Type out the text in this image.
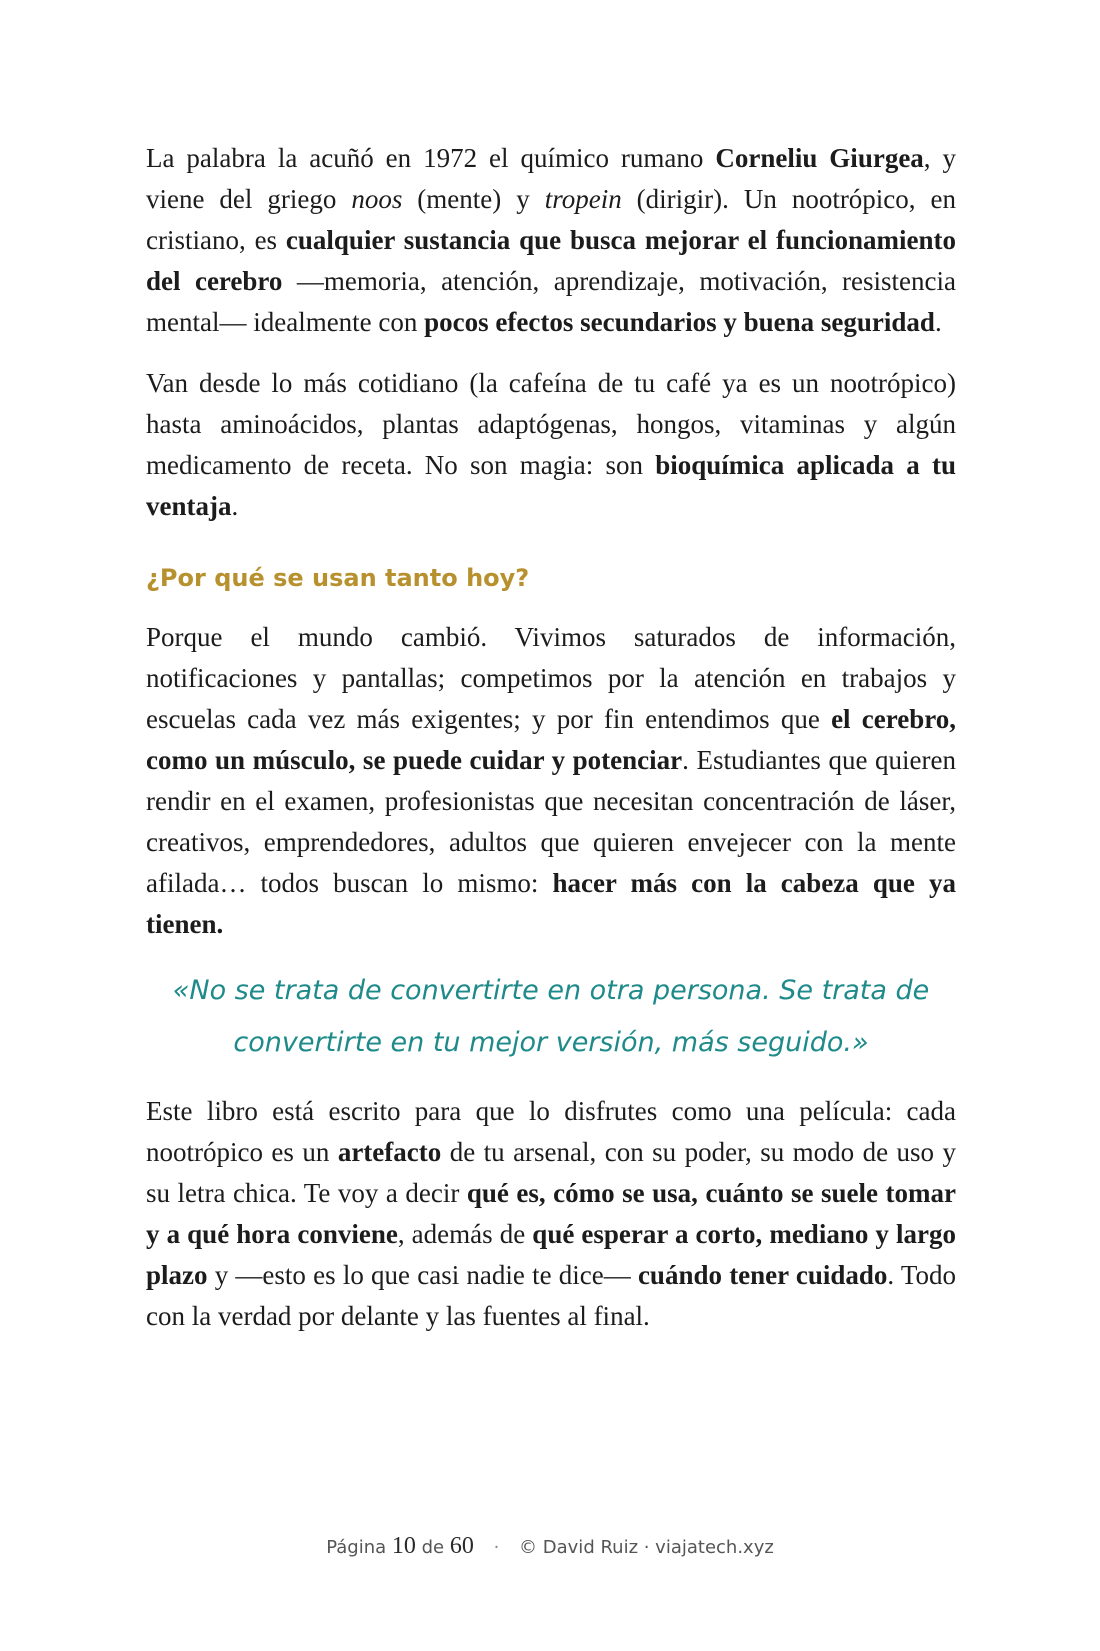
La palabra la acuñó en 1972 el químico rumano Corneliu Giurgea, y viene del griego noos (mente) y tropein (dirigir). Un nootrópico, en cristiano, es cualquier sustancia que busca mejorar el funcionamiento del cerebro —memoria, atención, aprendizaje, motivación, resistencia mental— idealmente con pocos efectos secundarios y buena seguridad.

Van desde lo más cotidiano (la cafeína de tu café ya es un nootrópico) hasta aminoácidos, plantas adaptógenas, hongos, vitaminas y algún medicamento de receta. No son magia: son bioquímica aplicada a tu ventaja.

¿Por qué se usan tanto hoy?

Porque el mundo cambió. Vivimos saturados de información, notificaciones y pantallas; competimos por la atención en trabajos y escuelas cada vez más exigentes; y por fin entendimos que el cerebro, como un músculo, se puede cuidar y potenciar. Estudiantes que quieren rendir en el examen, profesionistas que necesitan concentración de láser, creativos, emprendedores, adultos que quieren envejecer con la mente afilada… todos buscan lo mismo: hacer más con la cabeza que ya tienen.

«No se trata de convertirte en otra persona. Se trata de
convertirte en tu mejor versión, más seguido.»

Este libro está escrito para que lo disfrutes como una película: cada nootrópico es un artefacto de tu arsenal, con su poder, su modo de uso y su letra chica. Te voy a decir qué es, cómo se usa, cuánto se suele tomar y a qué hora conviene, además de qué esperar a corto, mediano y largo plazo y —esto es lo que casi nadie te dice— cuándo tener cuidado. Todo con la verdad por delante y las fuentes al final.

Página 10 de 60 · © David Ruiz · viajatech.xyz
